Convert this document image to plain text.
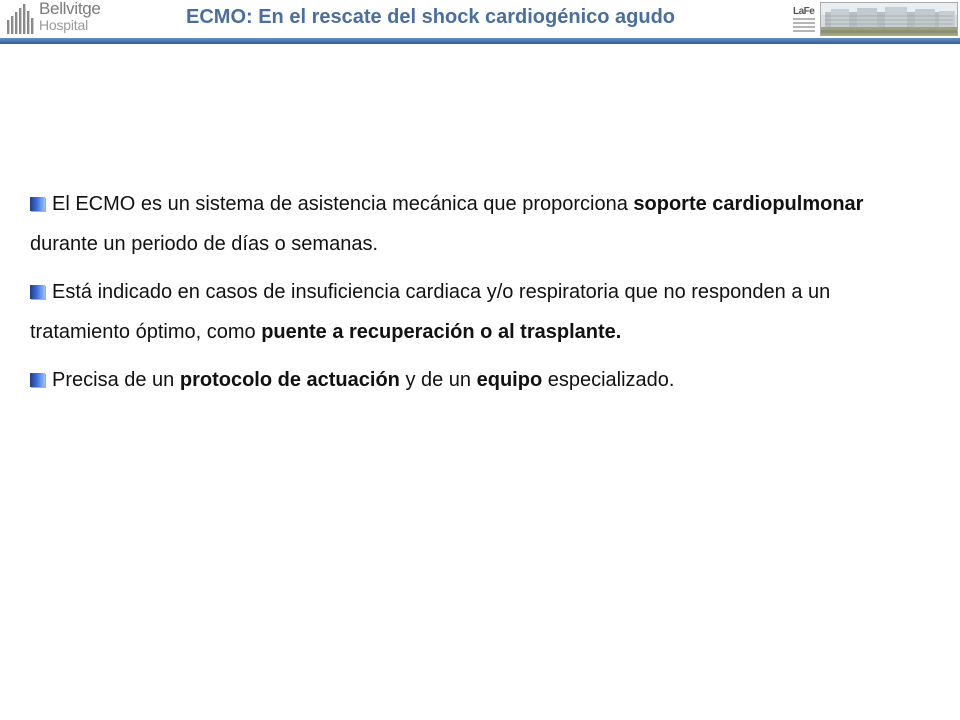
Bellvitge
Hospital	ECMO: En el rescate del shock cardiogénico agudo	LaFe

El ECMO es un sistema de asistencia mecánica que proporciona soporte cardiopulmonar durante un periodo de días o semanas.

Está indicado en casos de insuficiencia cardiaca y/o respiratoria que no responden a un tratamiento óptimo, como puente a recuperación o al trasplante.

Precisa de un protocolo de actuación y de un equipo especializado.
